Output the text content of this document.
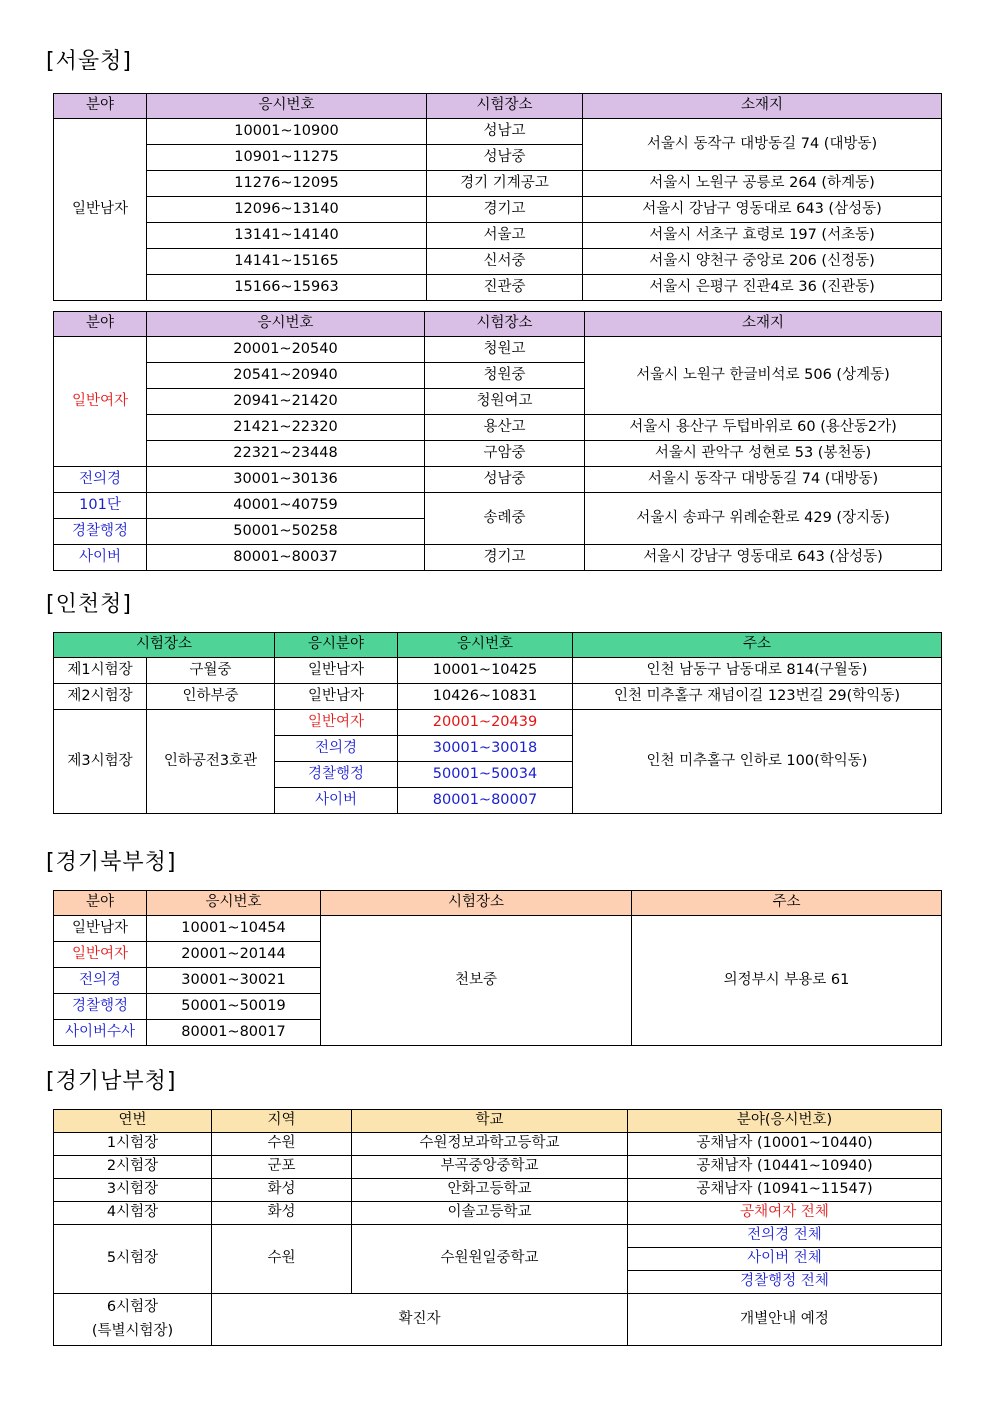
[서울청]
분야	응시번호	시험장소	소재지
일반남자	10001~10900	성남고	서울시 동작구 대방동길 74 (대방동)
	10901~11275	성남중	
	11276~12095	경기 기계공고	서울시 노원구 공릉로 264 (하계동)
	12096~13140	경기고	서울시 강남구 영동대로 643 (삼성동)
	13141~14140	서울고	서울시 서초구 효령로 197 (서초동)
	14141~15165	신서중	서울시 양천구 중앙로 206 (신정동)
	15166~15963	진관중	서울시 은평구 진관4로 36 (진관동)
분야	응시번호	시험장소	소재지
일반여자	20001~20540	청원고	서울시 노원구 한글비석로 506 (상계동)
	20541~20940	청원중	
	20941~21420	청원여고	
	21421~22320	용산고	서울시 용산구 두텁바위로 60 (용산동2가)
	22321~23448	구암중	서울시 관악구 성현로 53 (봉천동)
전의경	30001~30136	성남중	서울시 동작구 대방동길 74 (대방동)
101단	40001~40759	송례중	서울시 송파구 위례순환로 429 (장지동)
경찰행정	50001~50258		
사이버	80001~80037	경기고	서울시 강남구 영동대로 643 (삼성동)
[인천청]
시험장소		응시분야	응시번호	주소
제1시험장	구월중	일반남자	10001~10425	인천 남동구 남동대로 814(구월동)
제2시험장	인하부중	일반남자	10426~10831	인천 미추홀구 재넘이길 123번길 29(학익동)
제3시험장	인하공전3호관	일반여자	20001~20439	인천 미추홀구 인하로 100(학익동)
		전의경	30001~30018	
		경찰행정	50001~50034	
		사이버	80001~80007	
[경기북부청]
분야	응시번호	시험장소	주소
일반남자	10001~10454	천보중	의정부시 부용로 61
일반여자	20001~20144		
전의경	30001~30021		
경찰행정	50001~50019		
사이버수사	80001~80017		
[경기남부청]
연번	지역	학교	분야(응시번호)
1시험장	수원	수원정보과학고등학교	공채남자 (10001~10440)
2시험장	군포	부곡중앙중학교	공채남자 (10441~10940)
3시험장	화성	안화고등학교	공채남자 (10941~11547)
4시험장	화성	이솔고등학교	공채여자 전체
5시험장	수원	수원원일중학교	전의경 전체
			사이버 전체
			경찰행정 전체

6시험장
(특별시험장)	확진자		개별안내 예정
